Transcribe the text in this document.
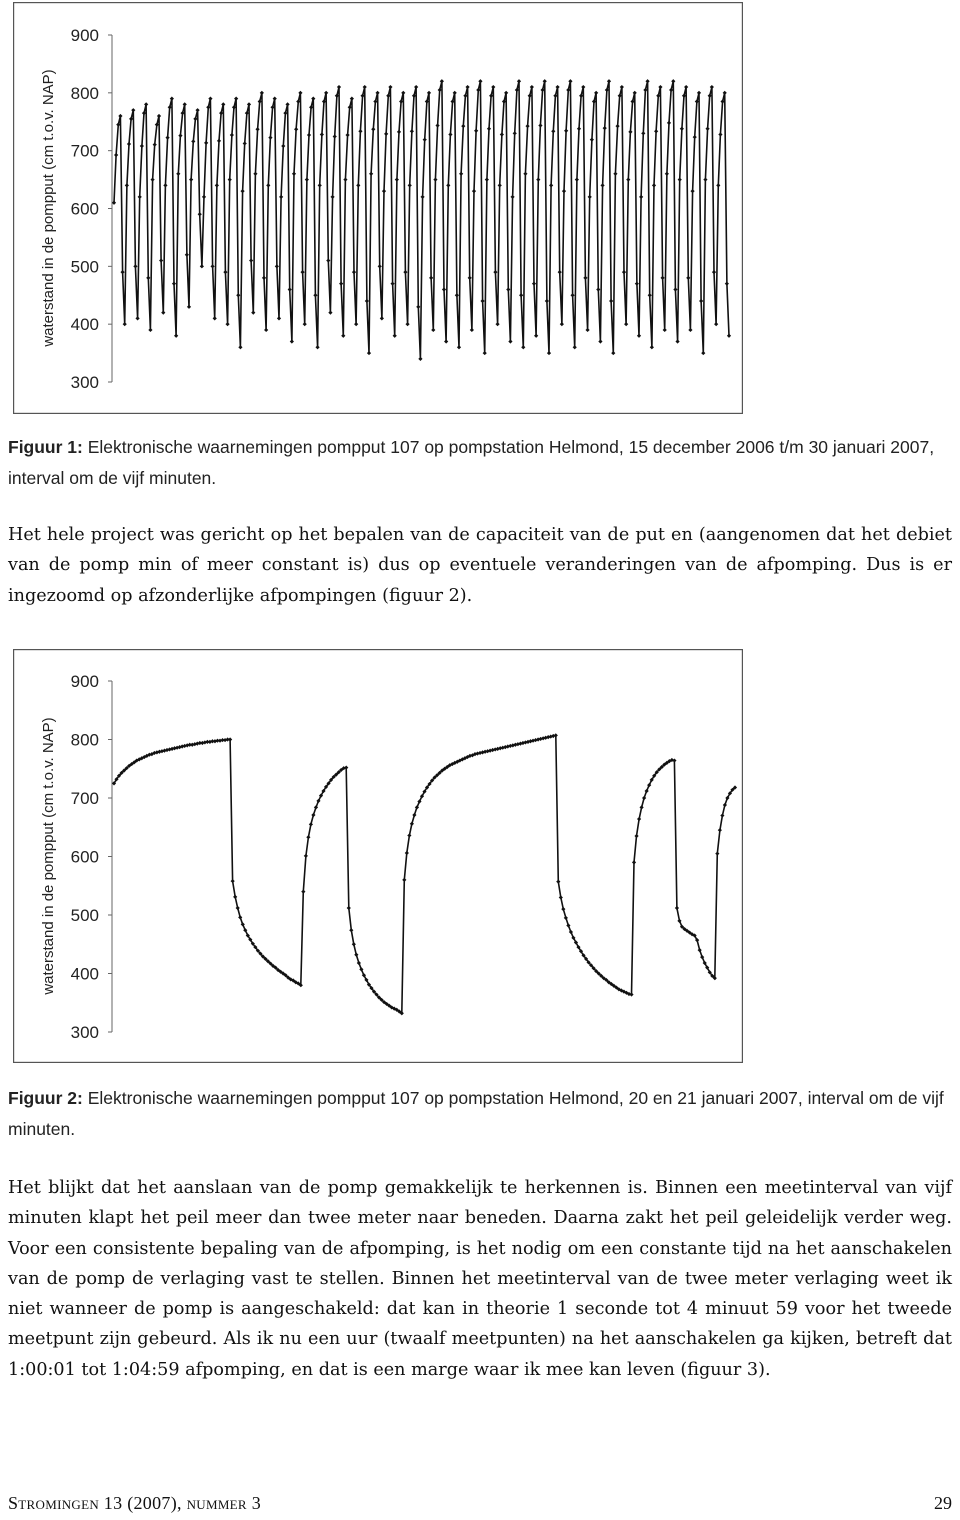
waterstand in de pompput (cm t.o.v. NAP)
900
800
700
600
500
400
300
Figuur 1: Elektronische waarnemingen pompput 107 op pompstation Helmond, 15 december 2006 t/m 30 januari 2007, interval om de vijf minuten.

Het hele project was gericht op het bepalen van de capaciteit van de put en (aangenomen dat het debiet van de pomp min of meer constant is) dus op eventuele veranderingen van de afpomping. Dus is er ingezoomd op afzonderlijke afpompingen (figuur 2).

waterstand in de pompput (cm t.o.v. NAP)
900
800
700
600
500
400
300
Figuur 2: Elektronische waarnemingen pompput 107 op pompstation Helmond, 20 en 21 januari 2007, interval om de vijf minuten.

Het blijkt dat het aanslaan van de pomp gemakkelijk te herkennen is. Binnen een meetinterval van vijf minuten klapt het peil meer dan twee meter naar beneden. Daarna zakt het peil geleidelijk verder weg. Voor een consistente bepaling van de afpomping, is het nodig om een constante tijd na het aanschakelen van de pomp de verlaging vast te stellen. Binnen het meetinterval van de twee meter verlaging weet ik niet wanneer de pomp is aangeschakeld: dat kan in theorie 1 seconde tot 4 minuut 59 voor het tweede meetpunt zijn gebeurd. Als ik nu een uur (twaalf meetpunten) na het aanschakelen ga kijken, betreft dat 1:00:01 tot 1:04:59 afpomping, en dat is een marge waar ik mee kan leven (figuur 3).

Stromingen 13 (2007), nummer 3	29
